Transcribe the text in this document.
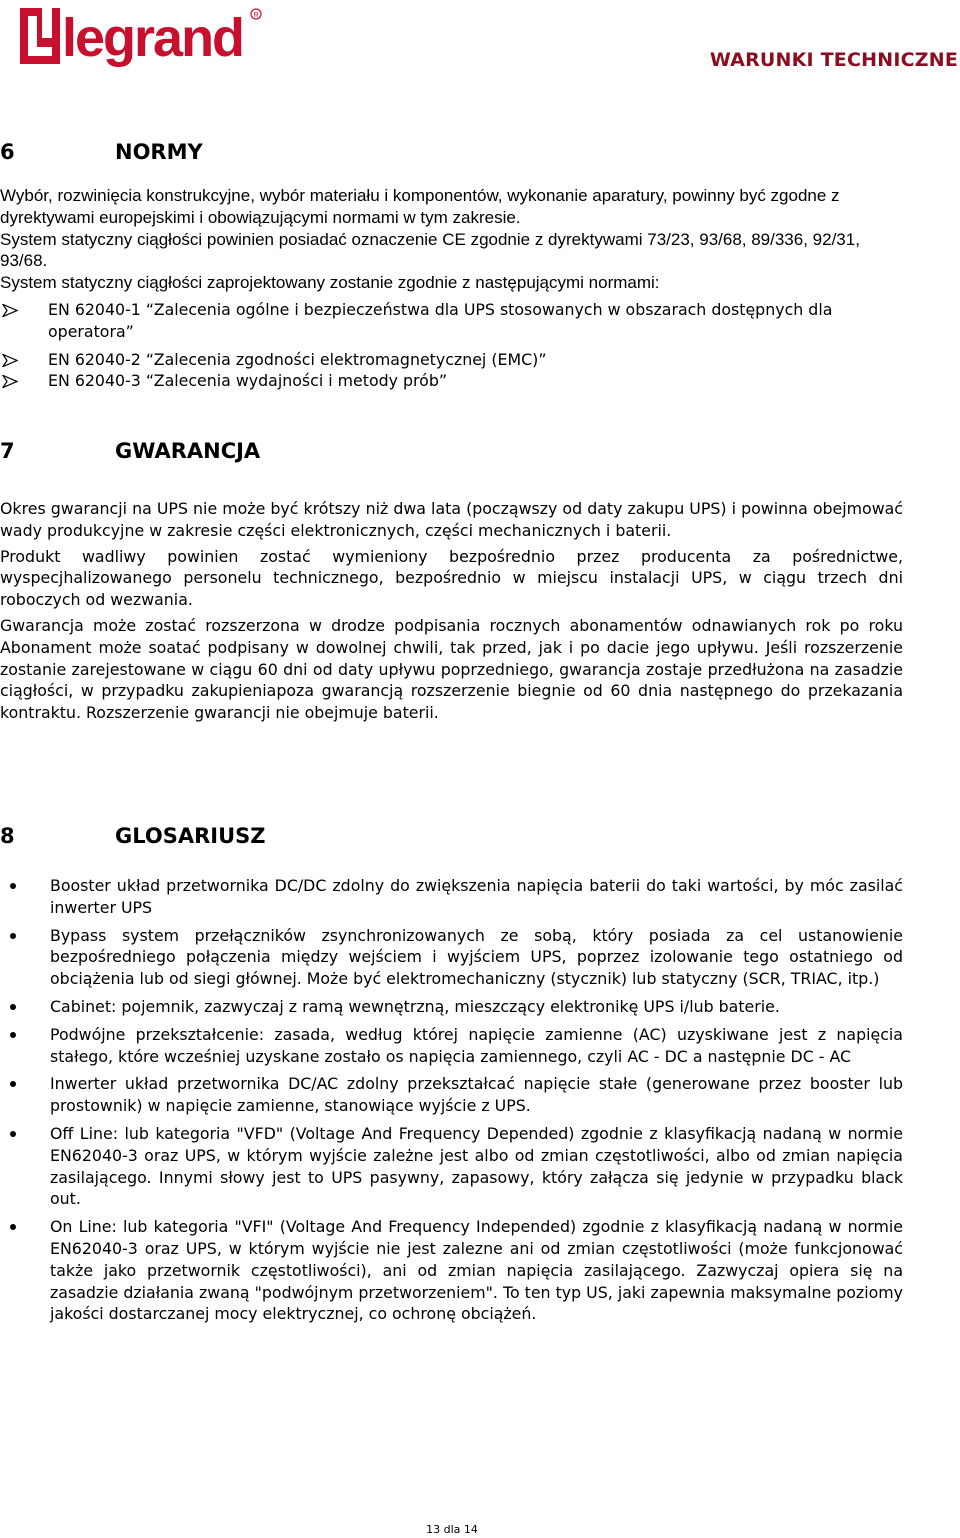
legrand R
WARUNKI TECHNICZNE
6	NORMY

Wybór, rozwinięcia konstrukcyjne, wybór materiału i komponentów, wykonanie aparatury, powinny być zgodne z dyrektywami europejskimi i obowiązującymi normami w tym zakresie.

System statyczny ciągłości powinien posiadać oznaczenie CE zgodnie z dyrektywami 73/23, 93/68, 89/336, 92/31, 93/68.

System statyczny ciągłości zaprojektowany zostanie zgodnie z następującymi normami:

EN 62040-1 “Zalecenia ogólne i bezpieczeństwa dla UPS stosowanych w obszarach dostępnych dla operatora”
EN 62040-2 “Zalecenia zgodności elektromagnetycznej (EMC)”
EN 62040-3 “Zalecenia wydajności i metody prób”
7	GWARANCJA

Okres gwarancji na UPS nie może być krótszy niż dwa lata (począwszy od daty zakupu UPS) i powinna obejmować wady produkcyjne w zakresie części elektronicznych, części mechanicznych i baterii.

Produkt wadliwy powinien zostać wymieniony bezpośrednio przez producenta za pośrednictwe, wyspecjhalizowanego personelu technicznego, bezpośrednio w miejscu instalacji UPS, w ciągu trzech dni roboczych od wezwania.

Gwarancja może zostać rozszerzona w drodze podpisania rocznych abonamentów odnawianych rok po roku Abonament może soatać podpisany w dowolnej chwili, tak przed, jak i po dacie jego upływu. Jeśli rozszerzenie zostanie zarejestowane w ciągu 60 dni od daty upływu poprzedniego, gwarancja zostaje przedłużona na zasadzie ciągłości, w przypadku zakupieniapoza gwarancją rozszerzenie biegnie od 60 dnia następnego do przekazania kontraktu. Rozszerzenie gwarancji nie obejmuje baterii.

8	GLOSARIUSZ
Booster układ przetwornika DC/DC zdolny do zwiększenia napięcia baterii do taki wartości, by móc zasilać inwerter UPS
Bypass system przełączników zsynchronizowanych ze sobą, który posiada za cel ustanowienie bezpośredniego połączenia między wejściem i wyjściem UPS, poprzez izolowanie tego ostatniego od obciążenia lub od siegi głównej. Może być elektromechaniczny (stycznik) lub statyczny (SCR, TRIAC, itp.)
Cabinet: pojemnik, zazwyczaj z ramą wewnętrzną, mieszczący elektronikę UPS i/lub baterie.
Podwójne przekształcenie: zasada, według której napięcie zamienne (AC) uzyskiwane jest z napięcia stałego, które wcześniej uzyskane zostało os napięcia zamiennego, czyli AC - DC a następnie DC - AC
Inwerter układ przetwornika DC/AC zdolny przekształcać napięcie stałe (generowane przez booster lub prostownik) w napięcie zamienne, stanowiące wyjście z UPS.
Off Line: lub kategoria "VFD" (Voltage And Frequency Depended) zgodnie z klasyfikacją nadaną w normie EN62040-3 oraz UPS, w którym wyjście zależne jest albo od zmian częstotliwości, albo od zmian napięcia zasilającego. Innymi słowy jest to UPS pasywny, zapasowy, który załącza się jedynie w przypadku black out.
On Line: lub kategoria "VFI" (Voltage And Frequency Independed) zgodnie z klasyfikacją nadaną w normie EN62040-3 oraz UPS, w którym wyjście nie jest zalezne ani od zmian częstotliwości (może funkcjonować także jako przetwornik częstotliwości), ani od zmian napięcia zasilającego. Zazwyczaj opiera się na zasadzie działania zwaną "podwójnym przetworzeniem". To ten typ US, jaki zapewnia maksymalne poziomy jakości dostarczanej mocy elektrycznej, co ochronę obciążeń.
13 dla 14
